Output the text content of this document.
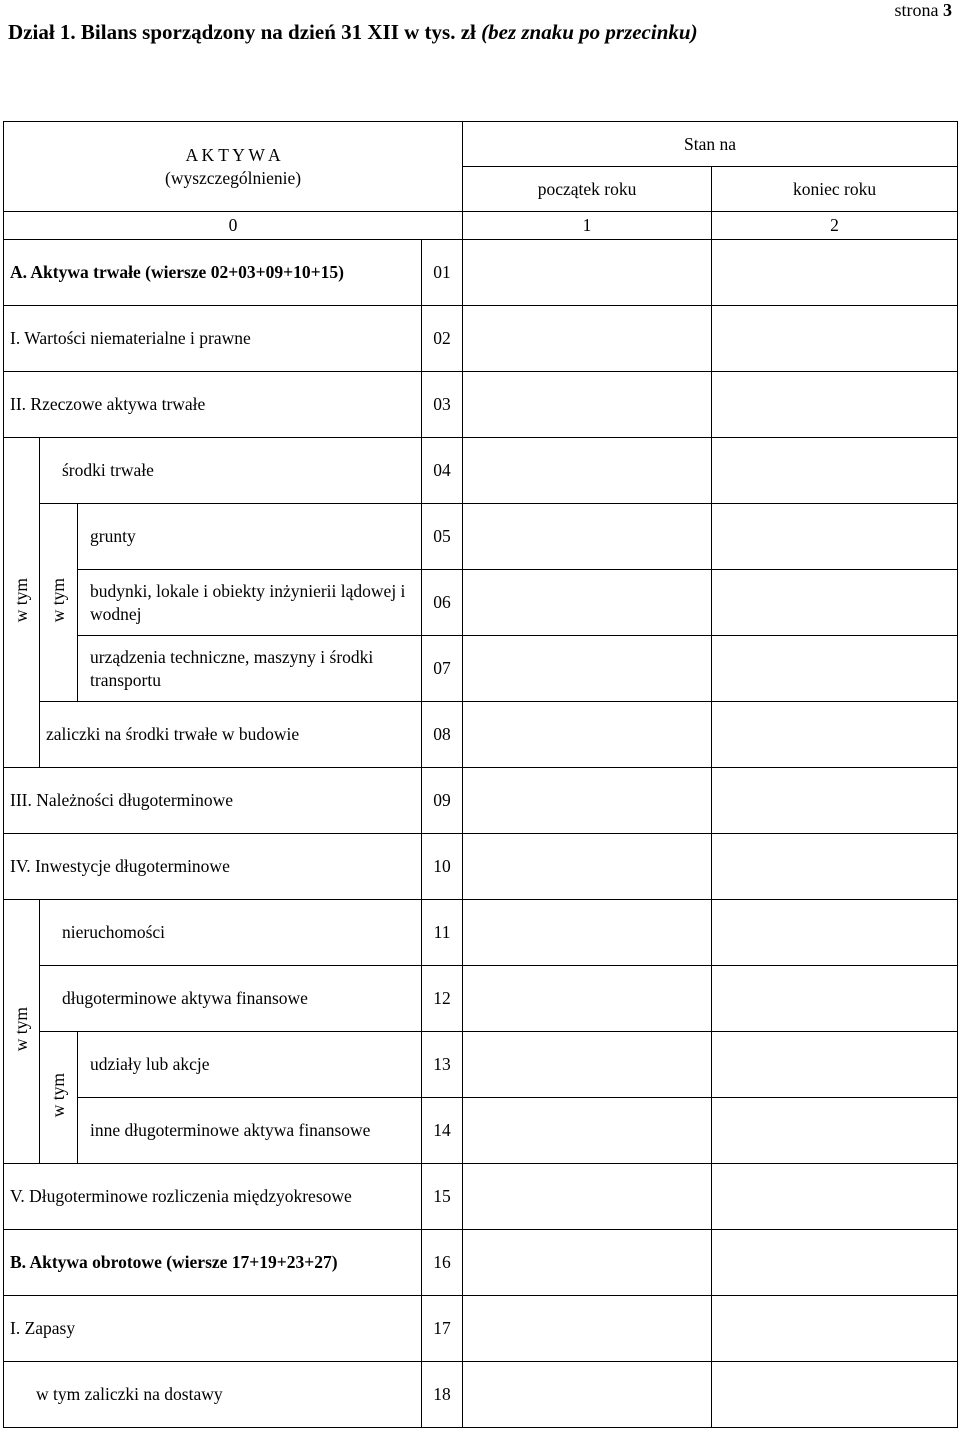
Dział 1. Bilans sporządzony na dzień 31 XII w tys. zł (bez znaku po przecinku)
strona 3
A K T Y W A
(wyszczególnienie)				Stan na	
				początek roku	koniec roku
0				1	2
A. Aktywa trwałe (wiersze 02+03+09+10+15)			01		
I. Wartości niematerialne i prawne			02		
II. Rzeczowe aktywa trwałe			03		
w tym	środki trwałe		04		
	w tym	grunty	05		
		budynki, lokale i obiekty inżynierii lądowej i wodnej	06		
		urządzenia techniczne, maszyny i środki transportu	07		
	zaliczki na środki trwałe w budowie		08		
III. Należności długoterminowe			09		
IV. Inwestycje długoterminowe			10		
w tym	nieruchomości		11		
	długoterminowe aktywa finansowe		12		
	w tym	udziały lub akcje	13		
		inne długoterminowe aktywa finansowe	14		
V. Długoterminowe rozliczenia międzyokresowe			15		
B. Aktywa obrotowe (wiersze 17+19+23+27)			16		
I. Zapasy			17		
w tym zaliczki na dostawy			18		
